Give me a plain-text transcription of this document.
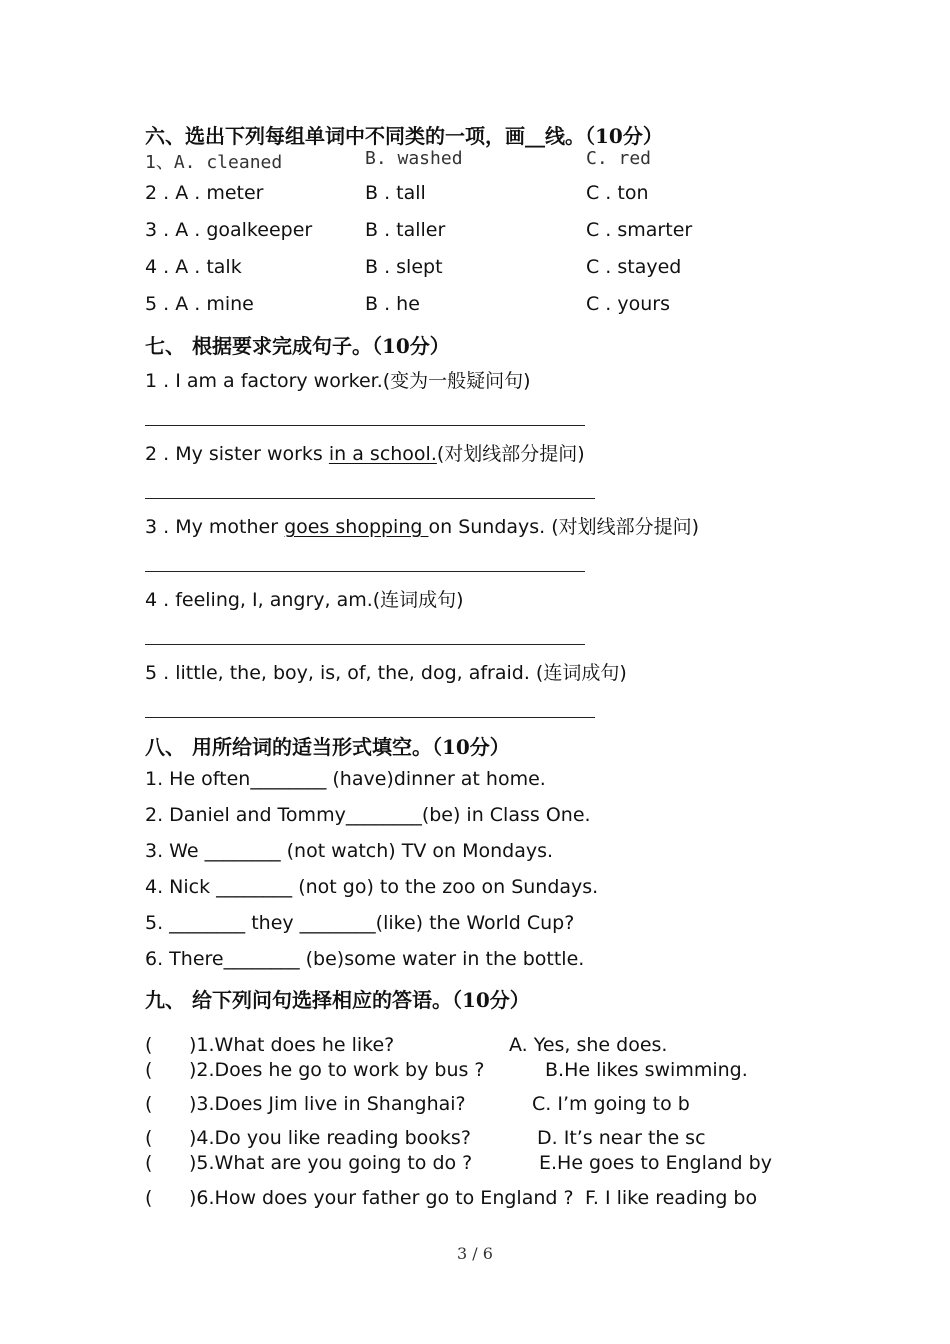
六、选出下列每组单词中不同类的一项，画__线。（10分）
1、A. cleaned	B. washed	C. red
2 . A . meter	B . tall	C . ton
3 . A . goalkeeper	B . taller	C . smarter
4 . A . talk	B . slept	C . stayed
5 . A . mine	B . he	C . yours
七、 根据要求完成句子。（10分）
1 . I am a factory worker.(变为一般疑问句)
2 . My sister works in a school.(对划线部分提问)
3 . My mother goes shopping on Sundays. (对划线部分提问)
4 . feeling, I, angry, am.(连词成句)
5 . little, the, boy, is, of, the, dog, afraid. (连词成句)
八、 用所给词的适当形式填空。（10分）
1. He often________ (have)dinner at home.
2. Daniel and Tommy________(be) in Class One.
3. We ________ (not watch) TV on Mondays.
4. Nick ________ (not go) to the zoo on Sundays.
5. ________ they ________(like) the World Cup?
6. There________ (be)some water in the bottle.
九、 给下列问句选择相应的答语。（10分）
( )1.What does he like?	A. Yes, she does.
( )2.Does he go to work by bus ?	B.He likes swimming.
( )3.Does Jim live in Shanghai?	C. I’m going to b
( )4.Do you like reading books?	D. It’s near the sc
( )5.What are you going to do ?	E.He goes to England by
( )6.How does your father go to England ? F. I like reading bo
3 / 6
